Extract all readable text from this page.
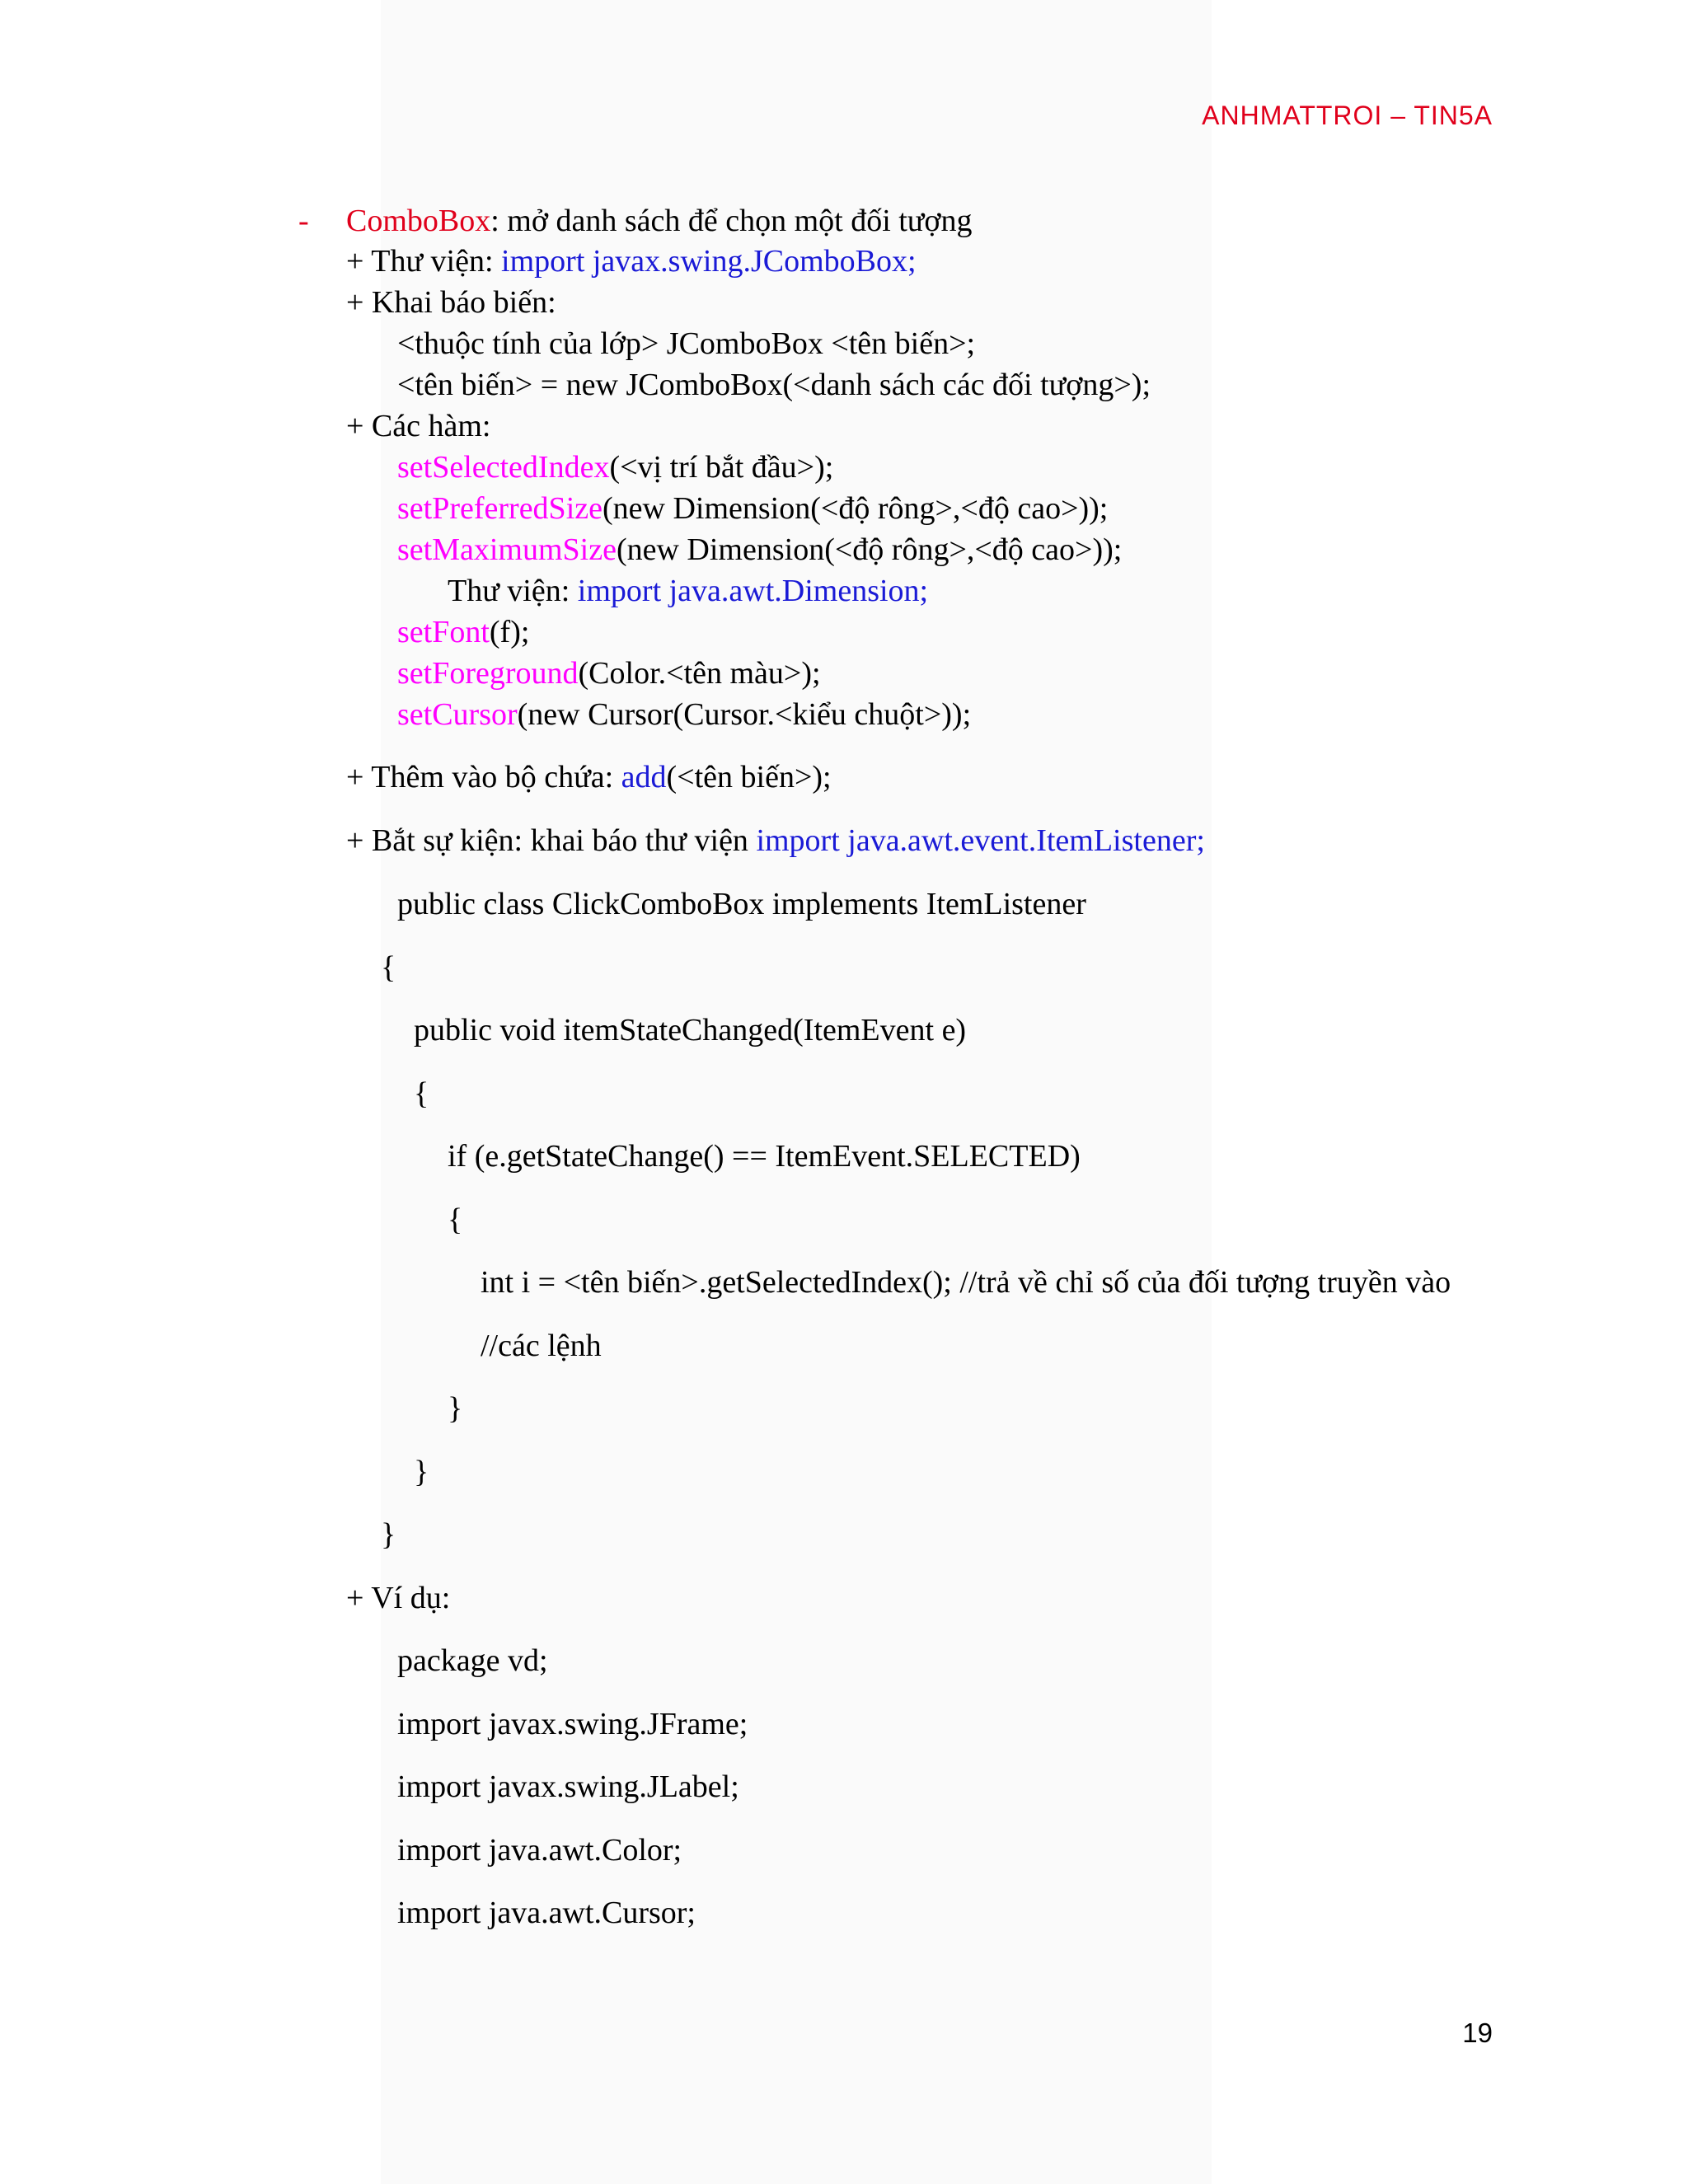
ANHMATTROI – TIN5A
- ComboBox: mở danh sách để chọn một đối tượng
+ Thư viện: import javax.swing.JComboBox;
+ Khai báo biến:
<thuộc tính của lớp> JComboBox <tên biến>;
<tên biến> = new JComboBox(<danh sách các đối tượng>);
+ Các hàm:
setSelectedIndex(<vị trí bắt đầu>);
setPreferredSize(new Dimension(<độ rông>,<độ cao>));
setMaximumSize(new Dimension(<độ rông>,<độ cao>));
Thư viện: import java.awt.Dimension;
setFont(f);
setForeground(Color.<tên màu>);
setCursor(new Cursor(Cursor.<kiểu chuột>));
+ Thêm vào bộ chứa: add(<tên biến>);
+ Bắt sự kiện: khai báo thư viện import java.awt.event.ItemListener;
public class ClickComboBox implements ItemListener
{
public void itemStateChanged(ItemEvent e)
{
if (e.getStateChange() == ItemEvent.SELECTED)
{
int i = <tên biến>.getSelectedIndex(); //trả về chỉ số của đối tượng truyền vào
//các lệnh
}
}
}
+ Ví dụ:
package vd;
import javax.swing.JFrame;
import javax.swing.JLabel;
import java.awt.Color;
import java.awt.Cursor;
19
